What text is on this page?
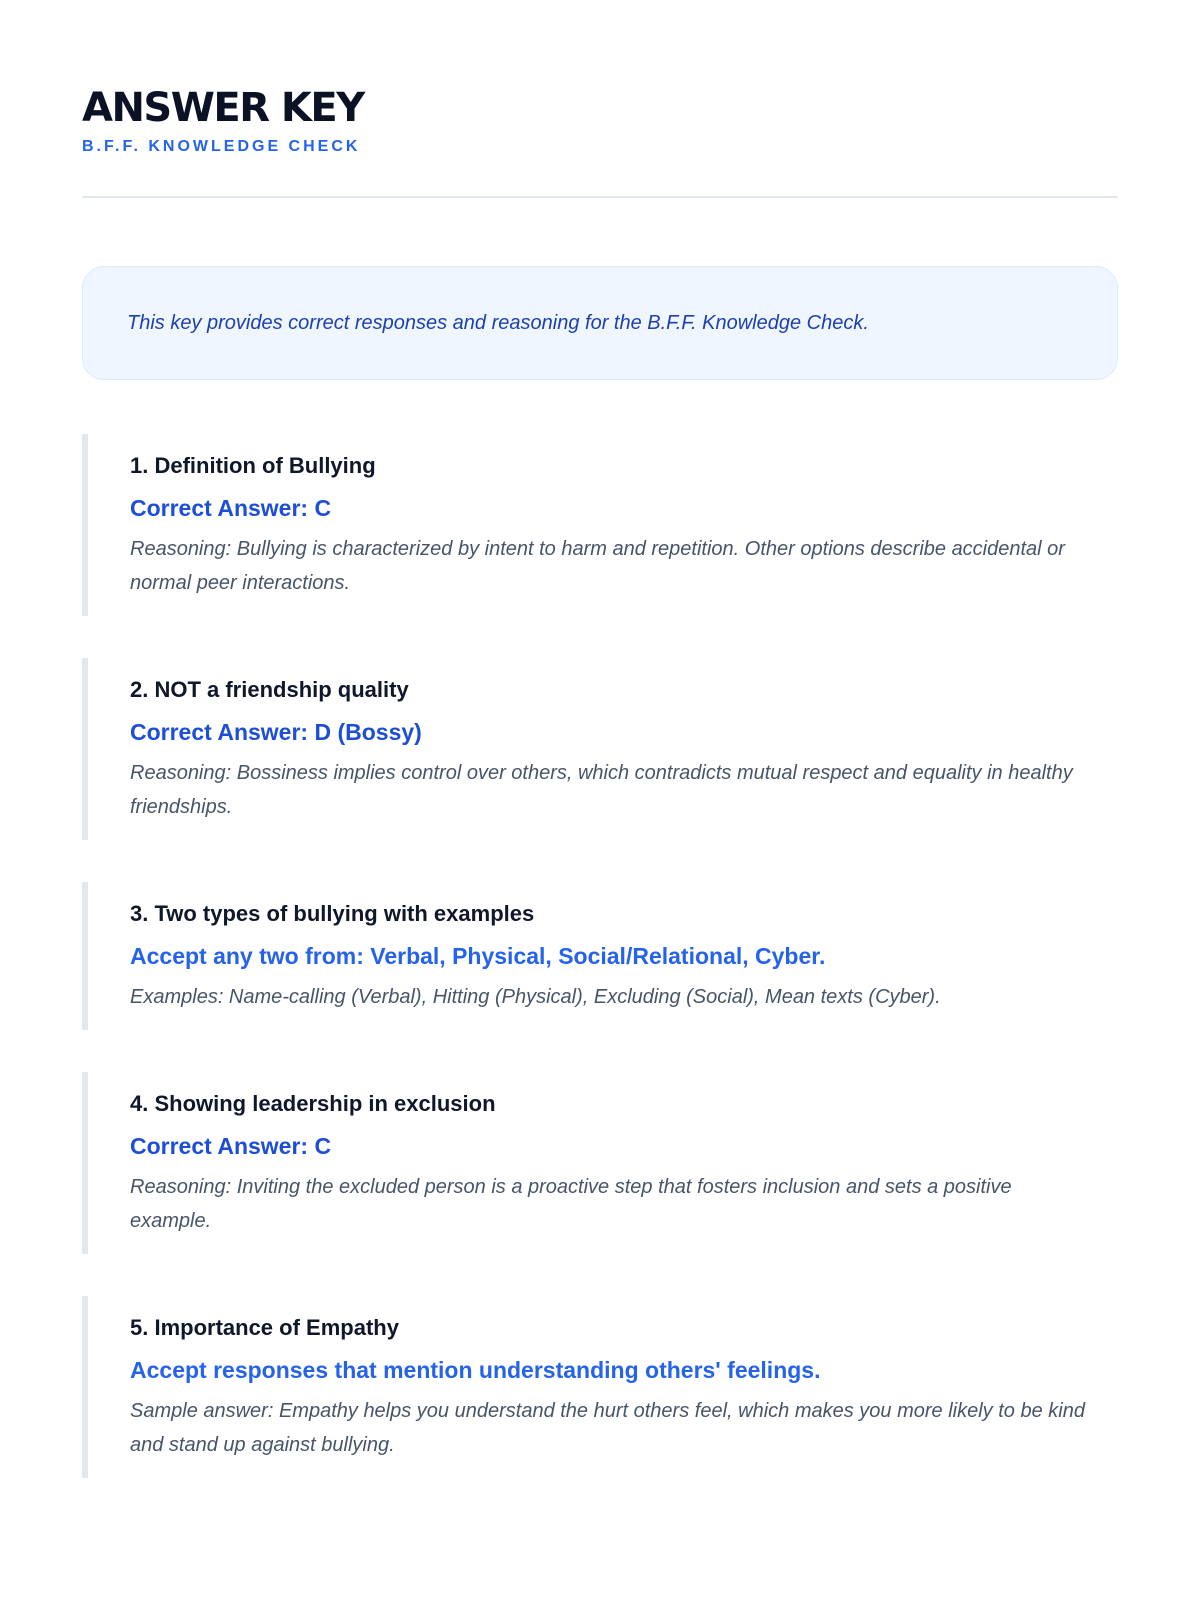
ANSWER KEY
B.F.F. KNOWLEDGE CHECK

This key provides correct responses and reasoning for the B.F.F. Knowledge Check.

1. Definition of Bullying
Correct Answer: C

Reasoning: Bullying is characterized by intent to harm and repetition. Other options describe accidental or normal peer interactions.

2. NOT a friendship quality
Correct Answer: D (Bossy)

Reasoning: Bossiness implies control over others, which contradicts mutual respect and equality in healthy friendships.

3. Two types of bullying with examples
Accept any two from: Verbal, Physical, Social/Relational, Cyber.

Examples: Name-calling (Verbal), Hitting (Physical), Excluding (Social), Mean texts (Cyber).

4. Showing leadership in exclusion
Correct Answer: C

Reasoning: Inviting the excluded person is a proactive step that fosters inclusion and sets a positive example.

5. Importance of Empathy
Accept responses that mention understanding others' feelings.

Sample answer: Empathy helps you understand the hurt others feel, which makes you more likely to be kind and stand up against bullying.
